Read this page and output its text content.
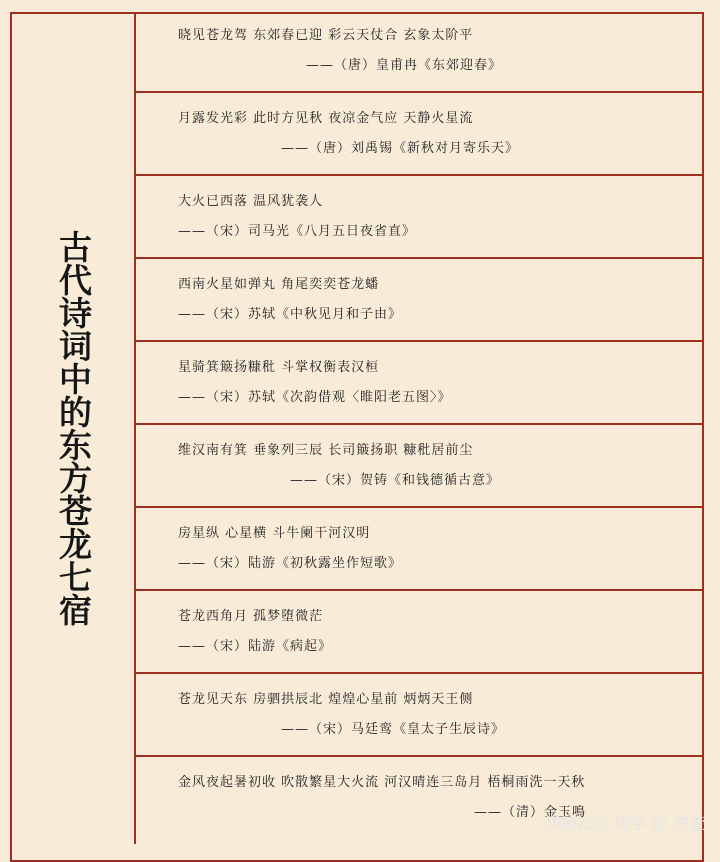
古代诗词中的东方苍龙七宿
晓见苍龙驾 东郊春已迎 彩云天仗合 玄象太阶平
——（唐）皇甫冉《东郊迎春》
月露发光彩 此时方见秋 夜凉金气应 天静火星流
——（唐）刘禹锡《新秋对月寄乐天》
大火已西落 温风犹袭人
——（宋）司马光《八月五日夜省直》
西南火星如弹丸 角尾奕奕苍龙蟠
——（宋）苏轼《中秋见月和子由》
星骑箕簸扬糠秕 斗掌权衡表汉桓
——（宋）苏轼《次韵借观〈睢阳老五图〉》
维汉南有箕 垂象列三辰 长司簸扬职 糠秕居前尘
——（宋）贺铸《和钱德循古意》
房星纵 心星横 斗牛阑干河汉明
——（宋）陆游《初秋露坐作短歌》
苍龙西角月 孤梦堕微茫
——（宋）陆游《病起》
苍龙见天东 房驷拱辰北 煌煌心星前 炳炳天王侧
——（宋）马廷鸾《皇太子生辰诗》
金风夜起暑初收 吹散繁星大火流 河汉晴连三岛月 梧桐雨洗一天秋
——（清）金玉鳴
风闻社区 知乎 @ 寒萱
